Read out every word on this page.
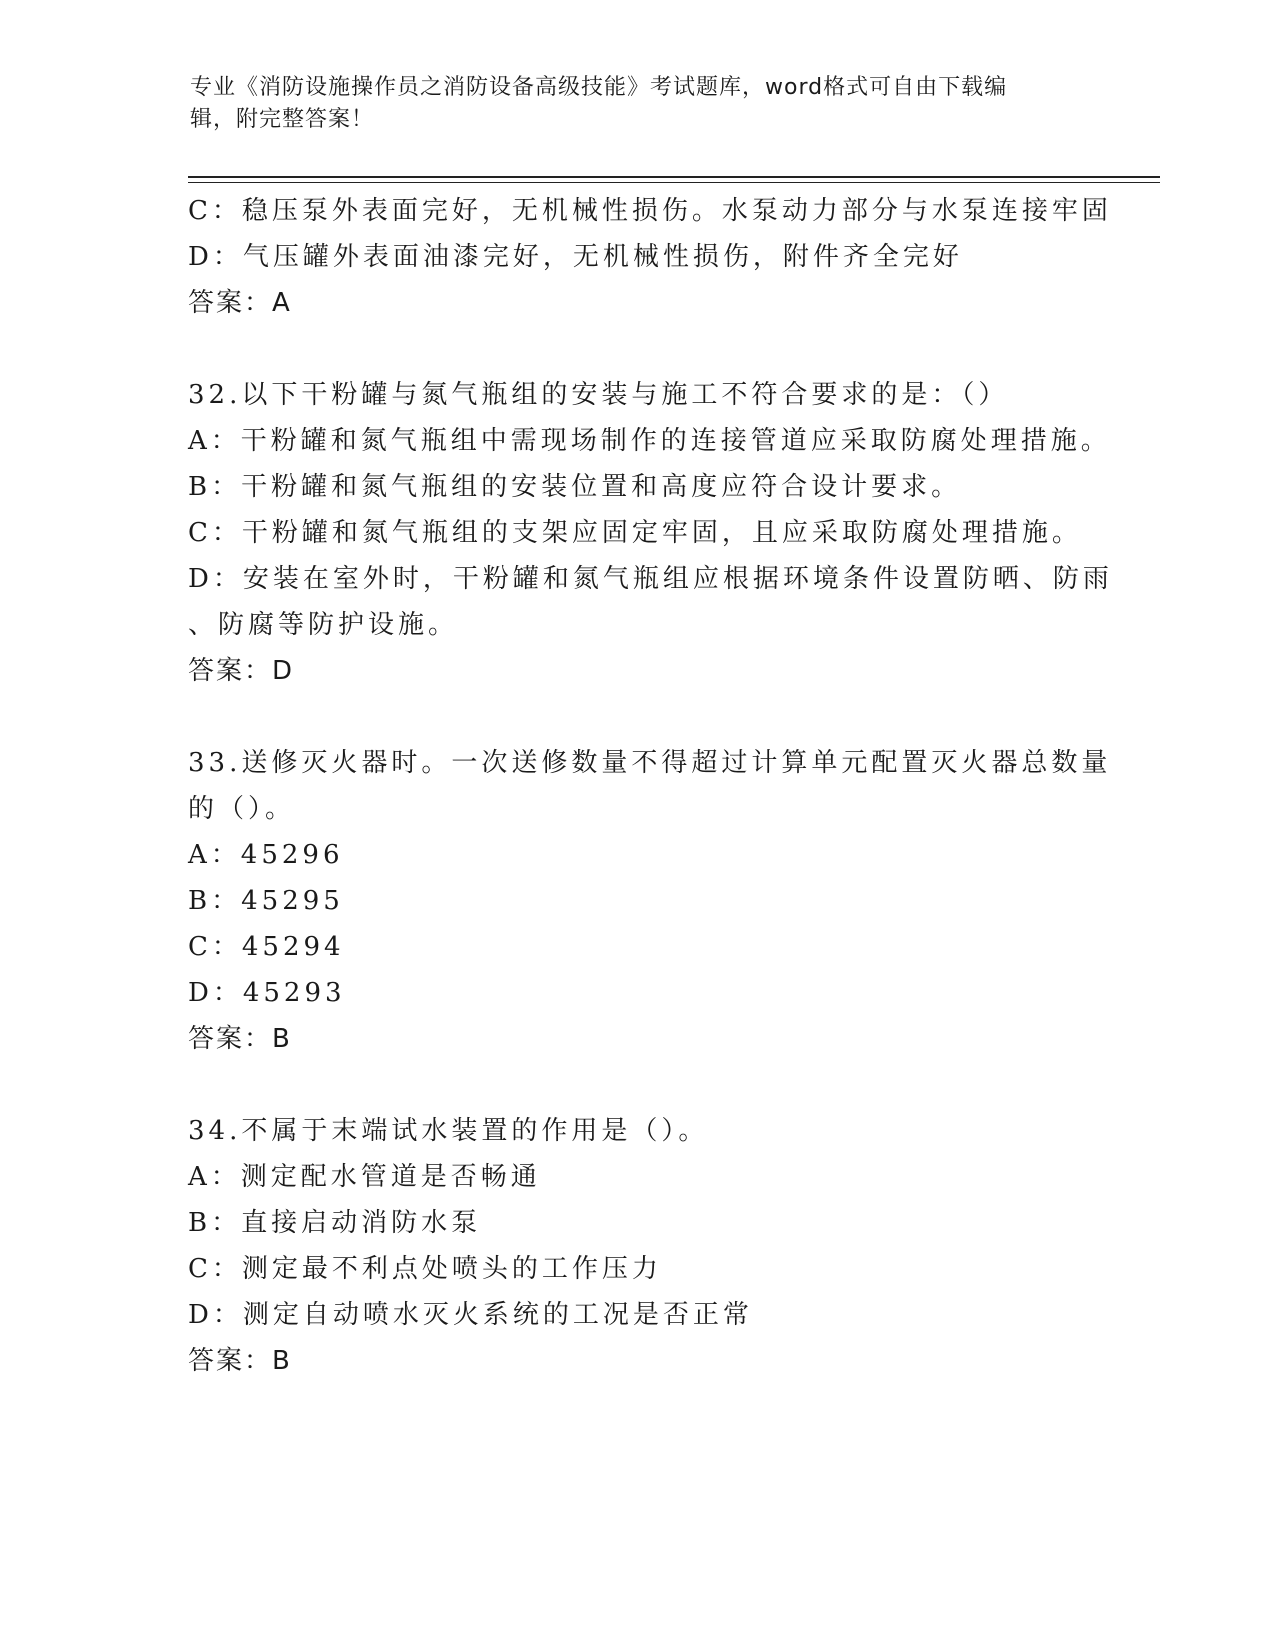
专业《消防设施操作员之消防设备高级技能》考试题库，word格式可自由下载编
辑，附完整答案！
C：稳压泵外表面完好，无机械性损伤。水泵动力部分与水泵连接牢固
D：气压罐外表面油漆完好，无机械性损伤，附件齐全完好
答案：A
32.以下干粉罐与氮气瓶组的安装与施工不符合要求的是：（）
A：干粉罐和氮气瓶组中需现场制作的连接管道应采取防腐处理措施。
B：干粉罐和氮气瓶组的安装位置和高度应符合设计要求。
C：干粉罐和氮气瓶组的支架应固定牢固，且应采取防腐处理措施。
D：安装在室外时，干粉罐和氮气瓶组应根据环境条件设置防晒、防雨
、防腐等防护设施。
答案：D
33.送修灭火器时。一次送修数量不得超过计算单元配置灭火器总数量
的（）。
A：45296
B：45295
C：45294
D：45293
答案：B
34.不属于末端试水装置的作用是（）。
A：测定配水管道是否畅通
B：直接启动消防水泵
C：测定最不利点处喷头的工作压力
D：测定自动喷水灭火系统的工况是否正常
答案：B
